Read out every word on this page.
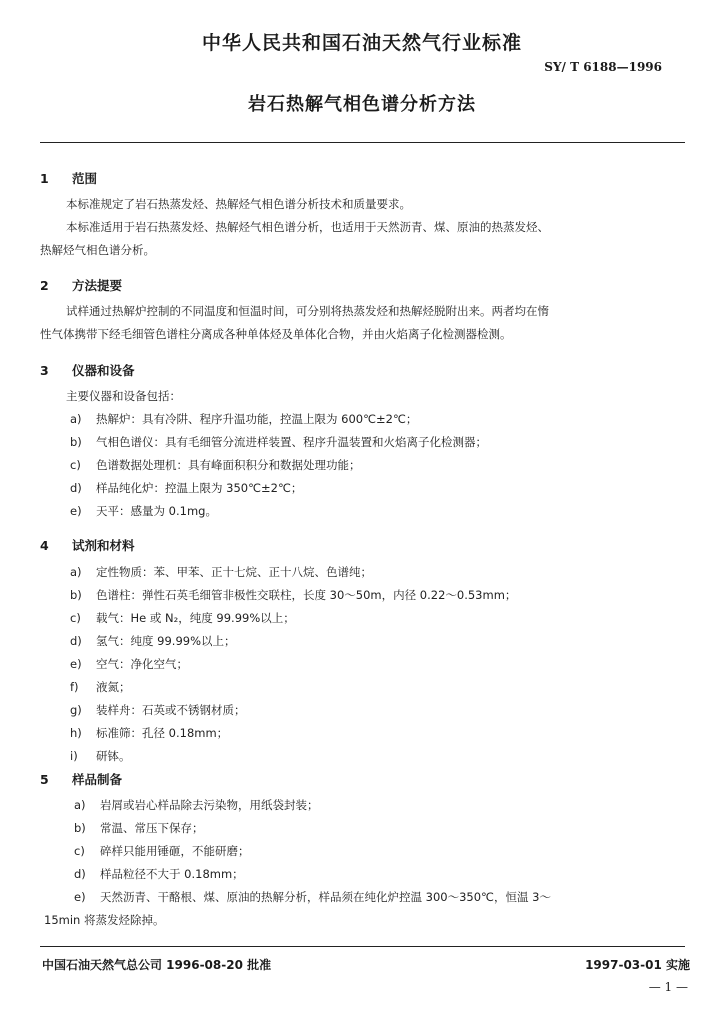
中华人民共和国石油天然气行业标准
SY/ T 6188—1996
岩石热解气相色谱分析方法
1 范围
本标准规定了岩石热蒸发烃、热解烃气相色谱分析技术和质量要求。
本标准适用于岩石热蒸发烃、热解烃气相色谱分析，也适用于天然沥青、煤、原油的热蒸发烃、
热解烃气相色谱分析。
2 方法提要
试样通过热解炉控制的不同温度和恒温时间，可分别将热蒸发烃和热解烃脱附出来。两者均在惰
性气体携带下经毛细管色谱柱分离成各种单体烃及单体化合物，并由火焰离子化检测器检测。
3 仪器和设备
主要仪器和设备包括：
a) 热解炉：具有冷阱、程序升温功能，控温上限为 600℃±2℃；
b) 气相色谱仪：具有毛细管分流进样装置、程序升温装置和火焰离子化检测器；
c) 色谱数据处理机：具有峰面积积分和数据处理功能；
d) 样品纯化炉：控温上限为 350℃±2℃；
e) 天平：感量为 0.1mg。
4 试剂和材料
a) 定性物质：苯、甲苯、正十七烷、正十八烷、色谱纯；
b) 色谱柱：弹性石英毛细管非极性交联柱，长度 30～50m，内径 0.22～0.53mm；
c) 载气：He 或 N₂，纯度 99.99%以上；
d) 氢气：纯度 99.99%以上；
e) 空气：净化空气；
f) 液氮；
g) 装样舟：石英或不锈钢材质；
h) 标准筛：孔径 0.18mm；
i) 研钵。
5 样品制备
a) 岩屑或岩心样品除去污染物，用纸袋封装；
b) 常温、常压下保存；
c) 碎样只能用锤砸，不能研磨；
d) 样品粒径不大于 0.18mm；
e) 天然沥青、干酪根、煤、原油的热解分析，样品须在纯化炉控温 300～350℃，恒温 3～
15min 将蒸发烃除掉。
中国石油天然气总公司 1996-08-20 批准	1997-03-01 实施
— 1 —
